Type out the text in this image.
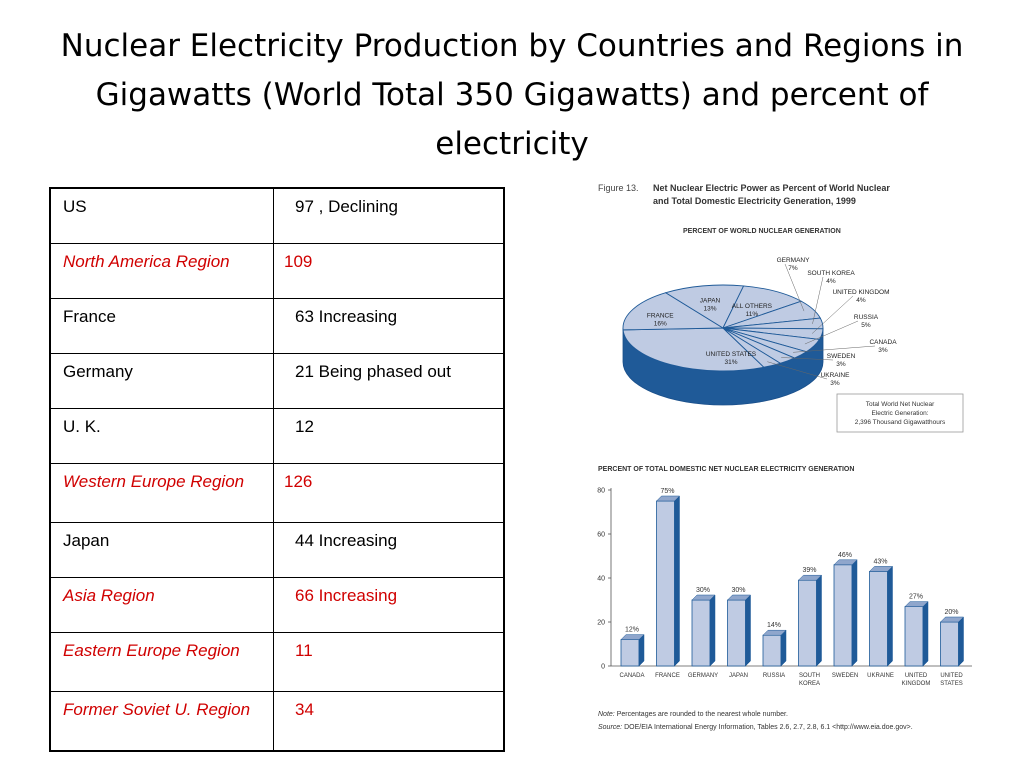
Nuclear Electricity Production by Countries and Regions in Gigawatts (World Total 350 Gigawatts) and percent of electricity
US	97 , Declining
North America Region	109
France	63 Increasing
Germany	21 Being phased out
U. K.	12
Western Europe Region	126
Japan	44 Increasing
Asia Region	66 Increasing
Eastern Europe Region	11
Former Soviet U. Region	34
Figure 13. Net Nuclear Electric Power as Percent of World Nuclear
and Total Domestic Electricity Generation, 1999
PERCENT OF WORLD NUCLEAR GENERATION
UNITED STATES
31%
FRANCE
16%
JAPAN
13% ALL OTHERS
11%
GERMANY
7%
SOUTH KOREA
4%
UNITED KINGDOM
4%
RUSSIA
5%
CANADA
3%
SWEDEN
3%
UKRAINE
3%
Total World Net Nuclear
Electric Generation:
2,396 Thousand Gigawatthours
PERCENT OF TOTAL DOMESTIC NET NUCLEAR ELECTRICITY GENERATION
0
20
40
60
80
12%
CANADA
75%
FRANCE
30%
GERMANY
30%
JAPAN
14%
RUSSIA
39%
SOUTH
KOREA
46%
SWEDEN
43%
UKRAINE
27%
UNITED
KINGDOM
20%
UNITED
STATES
Note: Percentages are rounded to the nearest whole number.
Source: DOE/EIA International Energy Information, Tables 2.6, 2.7, 2.8, 6.1 <http://www.eia.doe.gov>.
